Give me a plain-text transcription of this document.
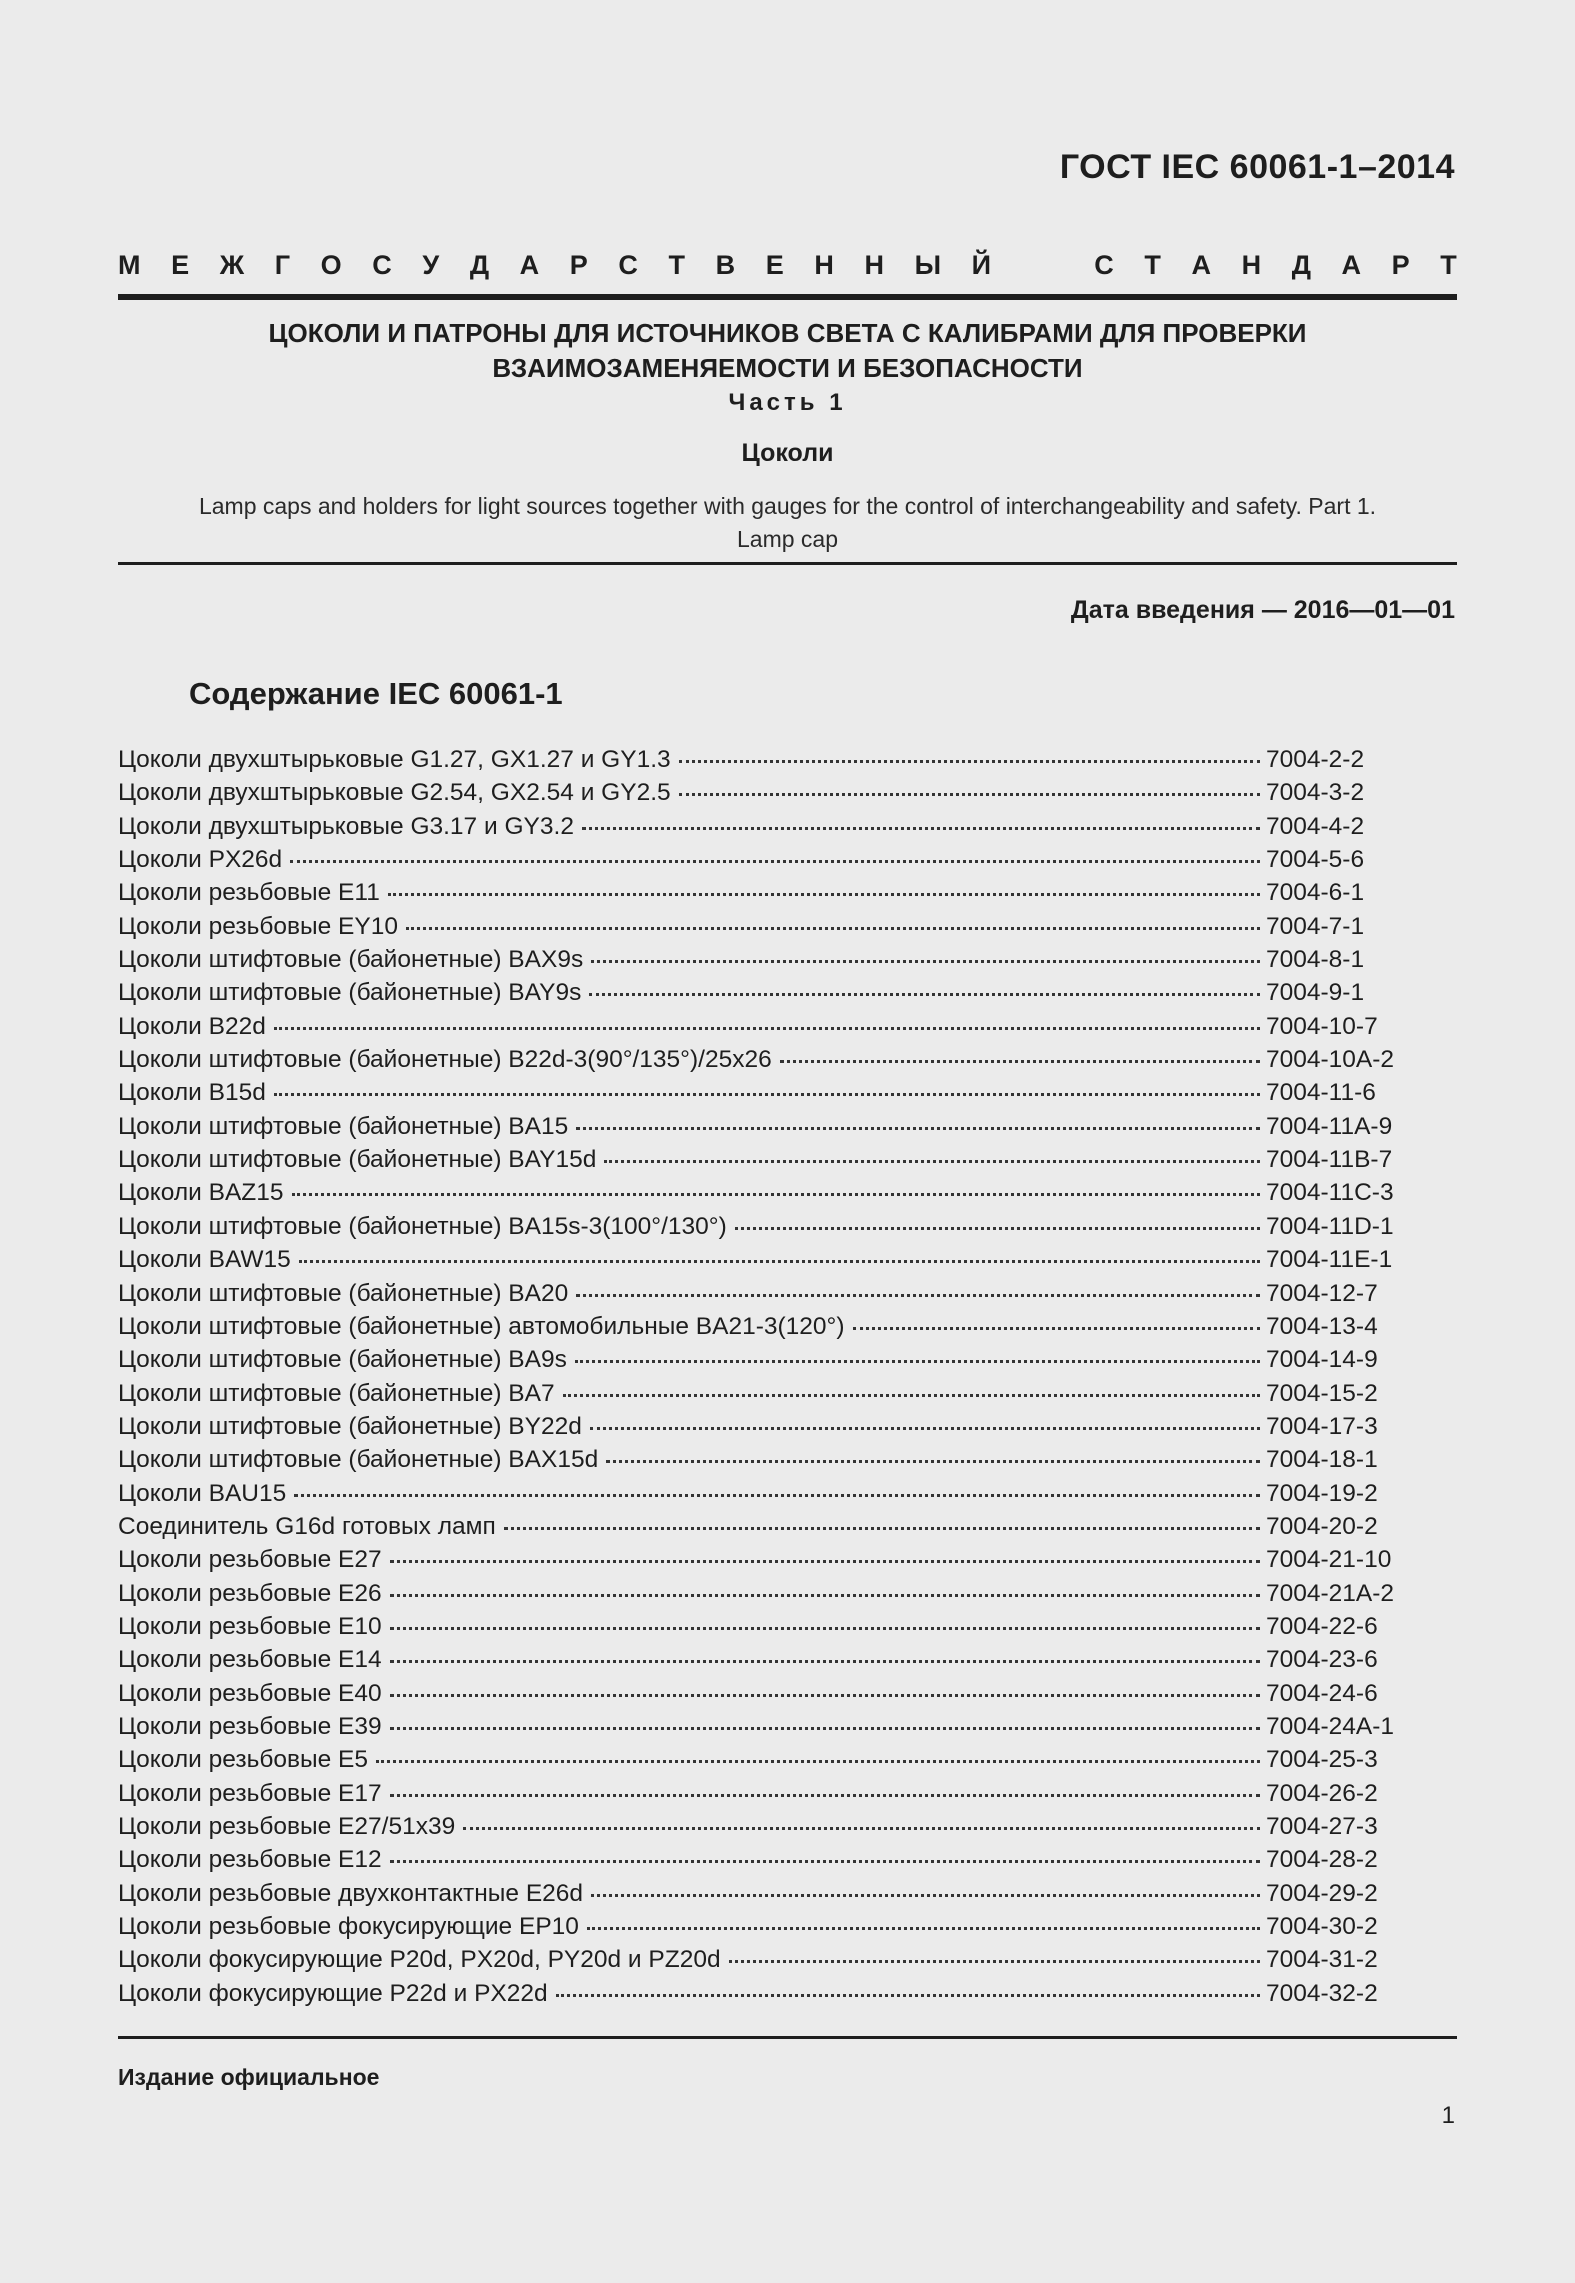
ГОСТ IEC 60061-1–2014
М Е Ж Г О С У Д А Р С Т В Е Н Н Ы Й	С Т А Н Д А Р Т
ЦОКОЛИ И ПАТРОНЫ ДЛЯ ИСТОЧНИКОВ СВЕТА С КАЛИБРАМИ ДЛЯ ПРОВЕРКИ
ВЗАИМОЗАМЕНЯЕМОСТИ И БЕЗОПАСНОСТИ
Часть 1
Цоколи
Lamp caps and holders for light sources together with gauges for the control of interchangeability and safety. Part 1.
Lamp cap
Дата введения — 2016—01—01
Содержание IEC 60061-1
Цоколи двухштырьковые G1.27, GX1.27 и GY1.3	7004-2-2
Цоколи двухштырьковые G2.54, GX2.54 и GY2.5	7004-3-2
Цоколи двухштырьковые G3.17 и GY3.2	7004-4-2
Цоколи PX26d	7004-5-6
Цоколи резьбовые Е11	7004-6-1
Цоколи резьбовые EY10	7004-7-1
Цоколи штифтовые (байонетные) BAX9s	7004-8-1
Цоколи штифтовые (байонетные) BAY9s	7004-9-1
Цоколи B22d	7004-10-7
Цоколи штифтовые (байонетные) В22d-3(90°/135°)/25x26	7004-10A-2
Цоколи B15d	7004-11-6
Цоколи штифтовые (байонетные) BA15	7004-11A-9
Цоколи штифтовые (байонетные) BAY15d	7004-11B-7
Цоколи BAZ15	7004-11C-3
Цоколи штифтовые (байонетные) BA15s-3(100°/130°)	7004-11D-1
Цоколи BAW15	7004-11E-1
Цоколи штифтовые (байонетные) BA20	7004-12-7
Цоколи штифтовые (байонетные) автомобильные BA21-3(120°)	7004-13-4
Цоколи штифтовые (байонетные) BA9s	7004-14-9
Цоколи штифтовые (байонетные) BA7	7004-15-2
Цоколи штифтовые (байонетные) BY22d	7004-17-3
Цоколи штифтовые (байонетные) BAX15d	7004-18-1
Цоколи BAU15	7004-19-2
Соединитель G16d готовых ламп	7004-20-2
Цоколи резьбовые Е27	7004-21-10
Цоколи резьбовые Е26	7004-21A-2
Цоколи резьбовые Е10	7004-22-6
Цоколи резьбовые Е14	7004-23-6
Цоколи резьбовые Е40	7004-24-6
Цоколи резьбовые Е39	7004-24A-1
Цоколи резьбовые Е5	7004-25-3
Цоколи резьбовые Е17	7004-26-2
Цоколи резьбовые Е27/51x39	7004-27-3
Цоколи резьбовые Е12	7004-28-2
Цоколи резьбовые двухконтактные Е26d	7004-29-2
Цоколи резьбовые фокусирующие ЕР10	7004-30-2
Цоколи фокусирующие P20d, PX20d, PY20d и PZ20d	7004-31-2
Цоколи фокусирующие P22d и PX22d	7004-32-2
Издание официальное
1
